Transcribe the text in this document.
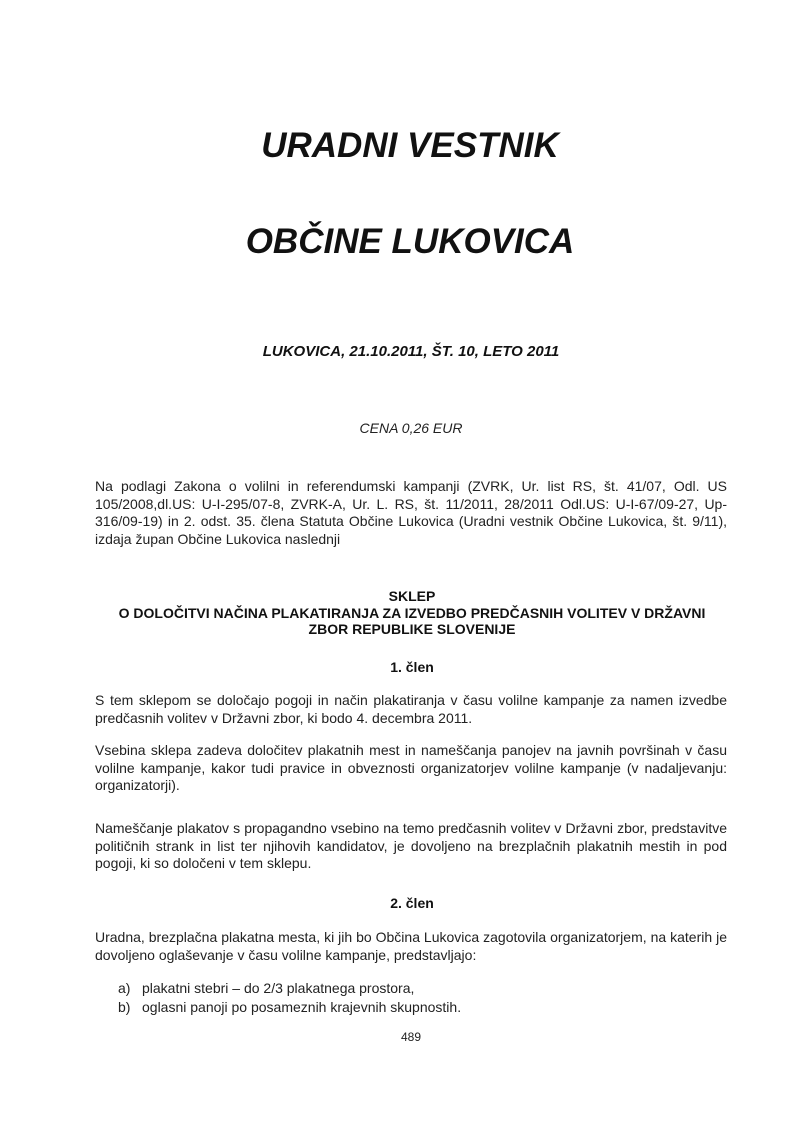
URADNI VESTNIK
OBČINE LUKOVICA
LUKOVICA, 21.10.2011, ŠT. 10, LETO 2011
CENA 0,26 EUR
Na podlagi Zakona o volilni in referendumski kampanji (ZVRK, Ur. list RS, št. 41/07, Odl. US 105/2008,dl.US: U-I-295/07-8, ZVRK-A, Ur. L. RS, št. 11/2011, 28/2011 Odl.US: U-I-67/09-27, Up-316/09-19) in 2. odst. 35. člena Statuta Občine Lukovica (Uradni vestnik Občine Lukovica, št. 9/11), izdaja župan Občine Lukovica naslednji
SKLEP
O DOLOČITVI NAČINA PLAKATIRANJA ZA IZVEDBO PREDČASNIH VOLITEV V DRŽAVNI
ZBOR REPUBLIKE SLOVENIJE
1. člen
S tem sklepom se določajo pogoji in način plakatiranja v času volilne kampanje za namen izvedbe predčasnih volitev v Državni zbor, ki bodo 4. decembra 2011.
Vsebina sklepa zadeva določitev plakatnih mest in nameščanja panojev na javnih površinah v času volilne kampanje, kakor tudi pravice in obveznosti organizatorjev volilne kampanje (v nadaljevanju: organizatorji).
Nameščanje plakatov s propagandno vsebino na temo predčasnih volitev v Državni zbor, predstavitve političnih strank in list ter njihovih kandidatov, je dovoljeno na brezplačnih plakatnih mestih in pod pogoji, ki so določeni v tem sklepu.
2. člen
Uradna, brezplačna plakatna mesta, ki jih bo Občina Lukovica zagotovila organizatorjem, na katerih je dovoljeno oglaševanje v času volilne kampanje, predstavljajo:
a) plakatni stebri – do 2/3 plakatnega prostora,
b) oglasni panoji po posameznih krajevnih skupnostih.
489
